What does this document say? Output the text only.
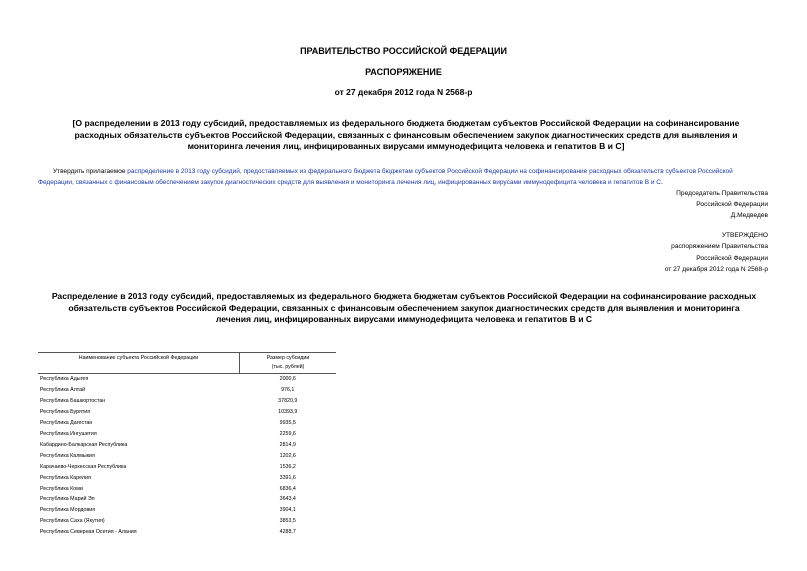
ПРАВИТЕЛЬСТВО РОССИЙСКОЙ ФЕДЕРАЦИИ
РАСПОРЯЖЕНИЕ
от 27 декабря 2012 года N 2568-р
[О распределении в 2013 году субсидий, предоставляемых из федерального бюджета бюджетам субъектов Российской Федерации на софинансирование расходных обязательств субъектов Российской Федерации, связанных с финансовым обеспечением закупок диагностических средств для выявления и мониторинга лечения лиц, инфицированных вирусами иммунодефицита человека и гепатитов В и С]
Утвердить прилагаемое распределение в 2013 году субсидий, предоставляемых из федерального бюджета бюджетам субъектов Российской Федерации на софинансирование расходных обязательств субъектов Российской Федерации, связанных с финансовым обеспечением закупок диагностических средств для выявления и мониторинга лечения лиц, инфицированных вирусами иммунодефицита человека и гепатитов В и С.
Председатель Правительства
Российской Федерации
Д.Медведев
УТВЕРЖДЕНО
распоряжением Правительства
Российской Федерации
от 27 декабря 2012 года N 2568-р
Распределение в 2013 году субсидий, предоставляемых из федерального бюджета бюджетам субъектов Российской Федерации на софинансирование расходных обязательств субъектов Российской Федерации, связанных с финансовым обеспечением закупок диагностических средств для выявления и мониторинга лечения лиц, инфицированных вирусами иммунодефицита человека и гепатитов В и С
Наименование субъекта Российской Федерации	Размер субсидии
(тыс. рублей)
Республика Адыгея	2000,6
Республика Алтай	976,1
Республика Башкортостан	37820,9
Республика Бурятия	10393,9
Республика Дагестан	9935,5
Республика Ингушетия	2259,6
Кабардино-Балкарская Республика	2814,9
Республика Калмыкия	1202,6
Карачаево-Черкесская Республика	1536,2
Республика Карелия	3391,6
Республика Коми	6836,4
Республика Марий Эл	3643,4
Республика Мордовия	3904,1
Республика Саха (Якутия)	3853,5
Республика Северная Осетия - Алания	4288,7
